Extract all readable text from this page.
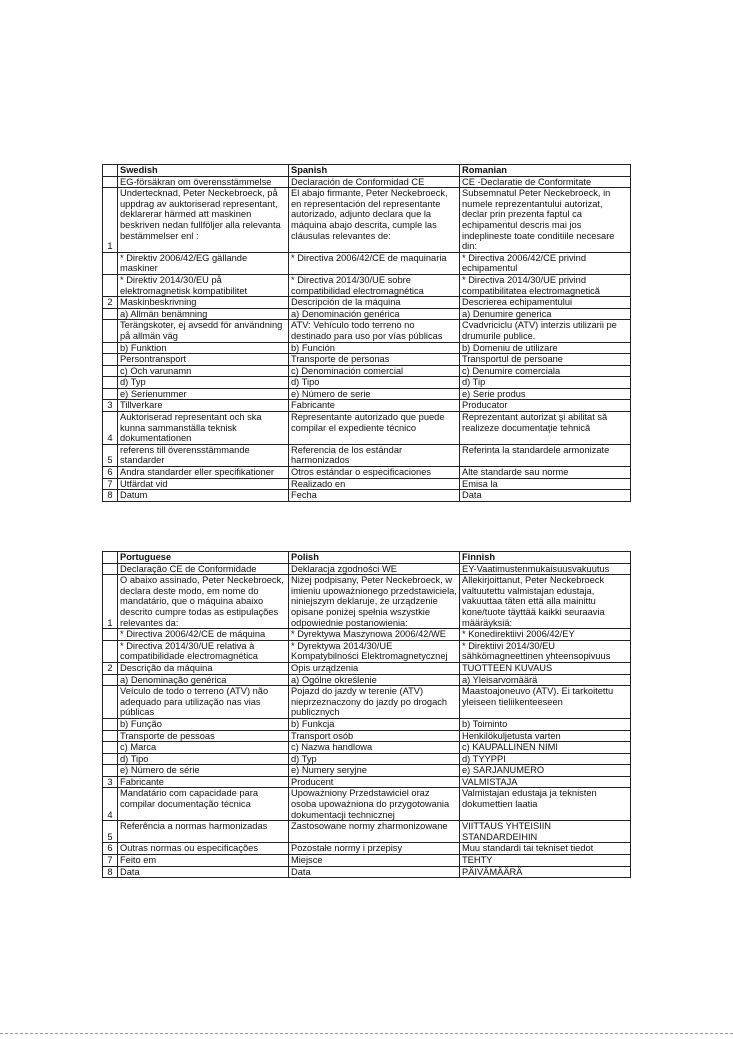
	Swedish	Spanish	Romanian
	EG-försäkran om överensstämmelse	Declaración de Conformidad CE	CE -Declaratie de Conformitate
1	Undertecknad, Peter Neckebroeck, på uppdrag av auktoriserad representant, deklarerar härmed att maskinen beskriven nedan fullföljer alla relevanta bestämmelser enl :	El abajo firmante, Peter Neckebroeck, en representación del representante autorizado, adjunto declara que la máquina abajo descrita, cumple las cláusulas relevantes de:	Subsemnatul Peter Neckebroeck, in numele reprezentantului autorizat, declar prin prezenta faptul ca echipamentul descris mai jos indeplineste toate conditiile necesare din:
	* Direktiv 2006/42/EG gällande maskiner	* Directiva 2006/42/CE de maquinaria	* Directiva 2006/42/CE privind echipamentul
	* Direktiv 2014/30/EU på elektromagnetisk kompatibilitet	* Directiva 2014/30/UE sobre compatibilidad electromagnética	* Directiva 2014/30/UE privind compatibilitatea electromagnetică
2	Maskinbeskrivning	Descripción de la máquina	Descrierea echipamentului
	a) Allmän benämning	a) Denominación genérica	a) Denumire generica
	Terängskoter, ej avsedd för användning på allmän väg	ATV: Vehículo todo terreno no destinado para uso por vías públicas	Cvadvriciclu (ATV) interzis utilizarii pe drumurile publice.
	b) Funktion	b) Función	b) Domeniu de utilizare
	Persontransport	Transporte de personas	Transportul de persoane
	c) Och varunamn	c) Denominación comercial	c) Denumire comerciala
	d) Typ	d) Tipo	d) Tip
	e) Serienummer	e) Número de serie	e) Serie produs
3	Tillverkare	Fabricante	Producator
4	Auktoriserad representant och ska kunna sammanställa teknisk dokumentationen	Representante autorizado que puede compilar el expediente técnico	Reprezentant autorizat şi abilitat să realizeze documentaţie tehnică
5	referens till överensstämmande standarder	Referencia de los estándar harmonizados	Referinta la standardele armonizate
6	Andra standarder eller specifikationer	Otros estándar o especificaciones	Alte standarde sau norme
7	Utfärdat vid	Realizado en	Emisa la
8	Datum	Fecha	Data
	Portuguese	Polish	Finnish
	Declaração CE de Conformidade	Deklaracja zgodności WE	EY-Vaatimustenmukaisuusvakuutus
1	O abaixo assinado, Peter Neckebroeck, declara deste modo, em nome do mandatário, que o máquina abaixo descrito cumpre todas as estipulações relevantes da:	Niżej podpisany, Peter Neckebroeck, w imieniu upoważnionego przedstawiciela, niniejszym deklaruje, że urządzenie opisane poniżej spełnia wszystkie odpowiednie postanowienia:	Allekirjoittanut, Peter Neckebroeck valtuutettu valmistajan edustaja, vakuuttaa täten että alla mainittu kone/tuote täyttää kaikki seuraavia määräyksiä:
	* Directiva 2006/42/CE de máquina	* Dyrektywa Maszynowa 2006/42/WE	* Konedirektiivi 2006/42/EY
	* Directiva 2014/30/UE relativa à compatibilidade electromagnética	* Dyrektywa 2014/30/UE Kompatybilności Elektromagnetycznej	* Direktiivi 2014/30/EU sähkömagneettinen yhteensopivuus
2	Descrição da máquina	Opis urządzenia	TUOTTEEN KUVAUS
	a) Denominação genérica	a) Ogólne określenie	a) Yleisarvomäärä
	Veículo de todo o terreno (ATV) não adequado para utilização nas vias públicas	Pojazd do jazdy w terenie (ATV) nieprzeznaczony do jazdy po drogach publicznych	Maastoajoneuvo (ATV). Ei tarkoitettu yleiseen tieliikenteeseen
	b) Função	b) Funkcja	b) Toiminto
	Transporte de pessoas	Transport osób	Henkilökuljetusta varten
	c) Marca	c) Nazwa handlowa	c) KAUPALLINEN NIMI
	d) Tipo	d) Typ	d) TYYPPI
	e) Número de série	e) Numery seryjne	e) SARJANUMERO
3	Fabricante	Producent	VALMISTAJA
4	Mandatário com capacidade para compilar documentação técnica	Upoważniony Przedstawiciel oraz osoba upoważniona do przygotowania dokumentacji technicznej	Valmistajan edustaja ja teknisten dokumettien laatia
5	Referência a normas harmonizadas	Zastosowane normy zharmonizowane	VIITTAUS YHTEISIIN STANDARDEIHIN
6	Outras normas ou especificações	Pozostałe normy i przepisy	Muu standardi tai tekniset tiedot
7	Feito em	Miejsce	TEHTY
8	Data	Data	PÄIVÄMÄÄRÄ
